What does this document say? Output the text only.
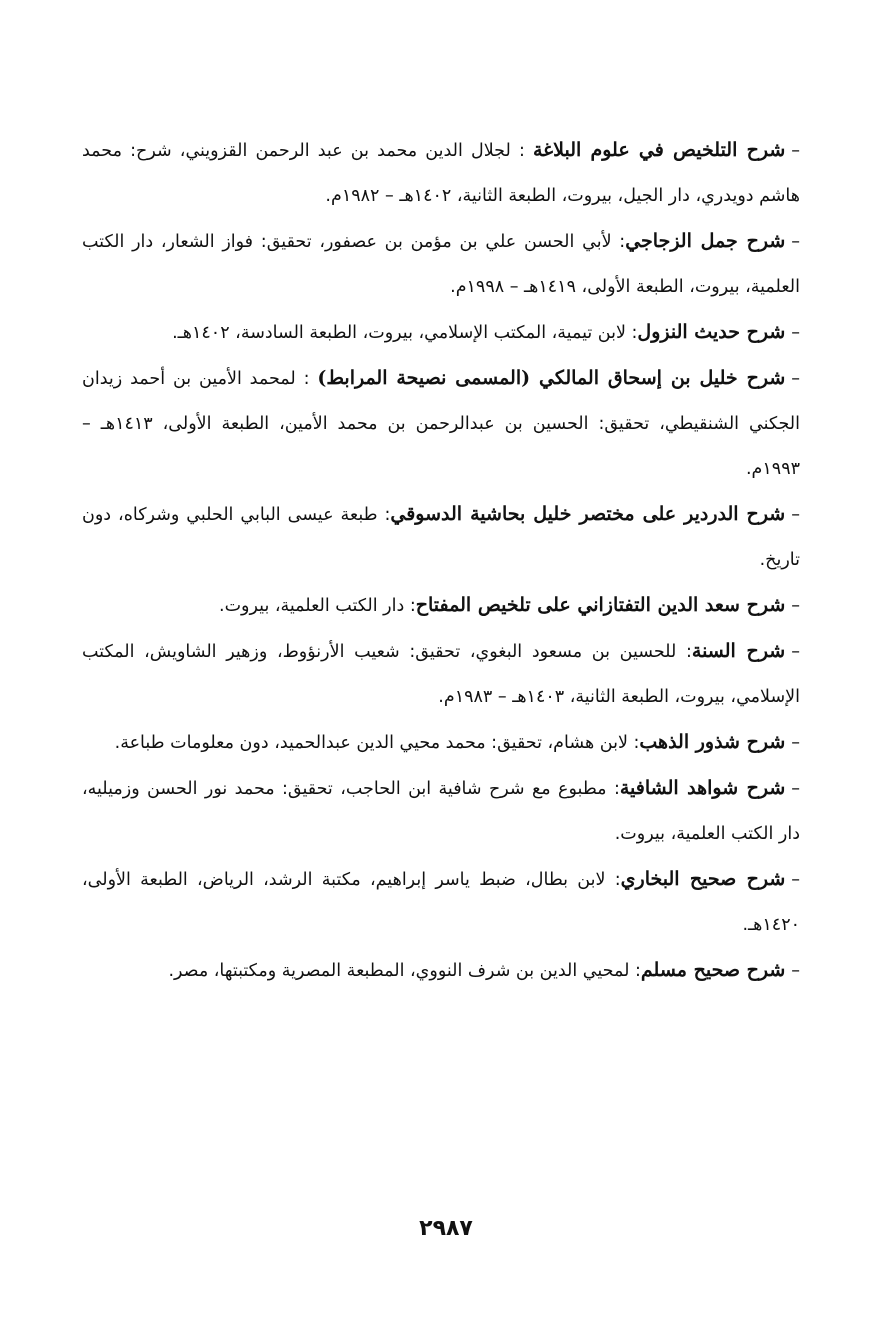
–شرح التلخيص في علوم البلاغة : لجلال الدين محمد بن عبد الرحمن القزويني، شرح: محمد هاشم دويدري، دار الجيل، بيروت، الطبعة الثانية، ١٤٠٢هـ – ١٩٨٢م.

–شرح جمل الزجاجي: لأبي الحسن علي بن مؤمن بن عصفور، تحقيق: فواز الشعار، دار الكتب العلمية، بيروت، الطبعة الأولى، ١٤١٩هـ – ١٩٩٨م.

–شرح حديث النزول: لابن تيمية، المكتب الإسلامي، بيروت، الطبعة السادسة، ١٤٠٢هـ.

–شرح خليل بن إسحاق المالكي (المسمى نصيحة المرابط) : لمحمد الأمين بن أحمد زيدان الجكني الشنقيطي، تحقيق: الحسين بن عبدالرحمن بن محمد الأمين، الطبعة الأولى، ١٤١٣هـ – ١٩٩٣م.

–شرح الدردير على مختصر خليل بحاشية الدسوقي: طبعة عيسى البابي الحلبي وشركاه، دون تاريخ.

–شرح سعد الدين التفتازاني على تلخيص المفتاح: دار الكتب العلمية، بيروت.

–شرح السنة: للحسين بن مسعود البغوي، تحقيق: شعيب الأرنؤوط، وزهير الشاويش، المكتب الإسلامي، بيروت، الطبعة الثانية، ١٤٠٣هـ – ١٩٨٣م.

–شرح شذور الذهب: لابن هشام، تحقيق: محمد محيي الدين عبدالحميد، دون معلومات طباعة.

–شرح شواهد الشافية: مطبوع مع شرح شافية ابن الحاجب، تحقيق: محمد نور الحسن وزميليه، دار الكتب العلمية، بيروت.

–شرح صحيح البخاري: لابن بطال، ضبط ياسر إبراهيم، مكتبة الرشد، الرياض، الطبعة الأولى، ١٤٢٠هـ.

–شرح صحيح مسلم: لمحيي الدين بن شرف النووي، المطبعة المصرية ومكتبتها، مصر.

٢٩٨٧
